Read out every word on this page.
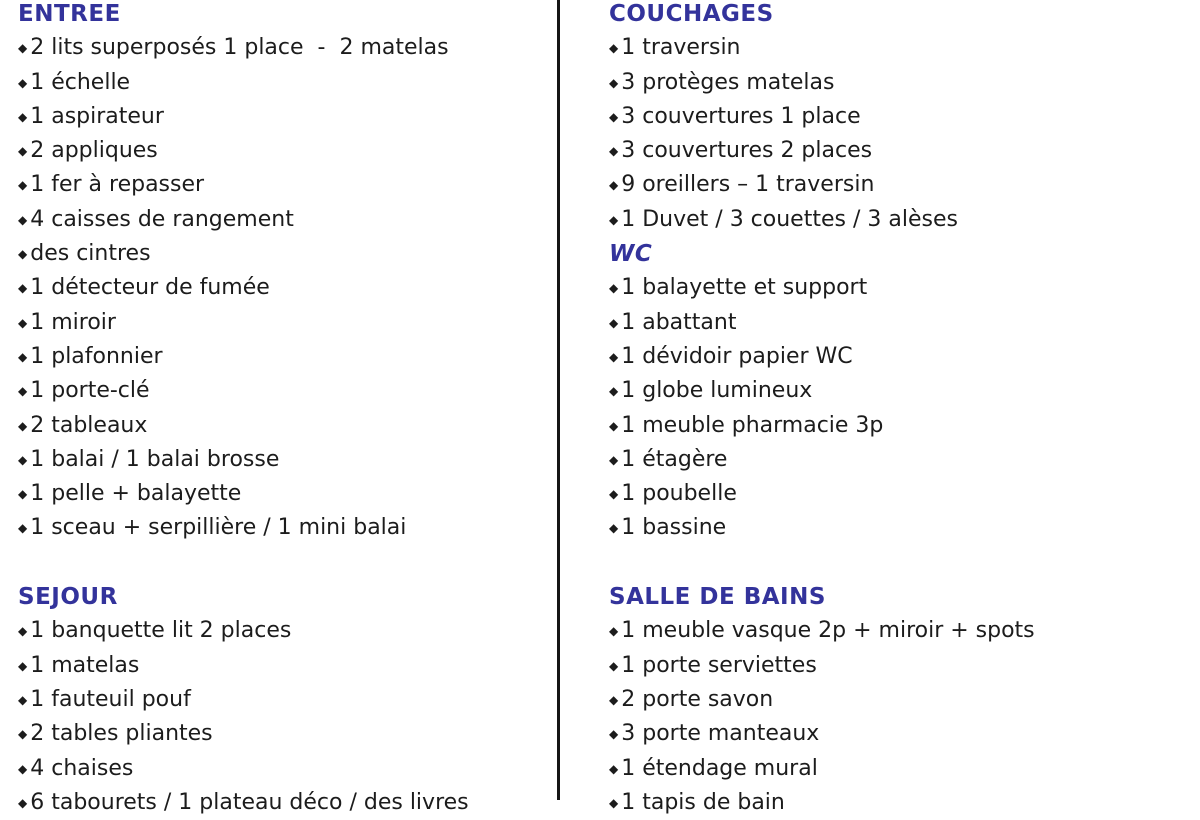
ENTREE
◆ 2 lits superposés 1 place  -  2 matelas
◆ 1 échelle
◆ 1 aspirateur
◆ 2 appliques
◆ 1 fer à repasser
◆ 4 caisses de rangement
◆ des cintres
◆ 1 détecteur de fumée
◆ 1 miroir
◆ 1 plafonnier
◆ 1 porte-clé
◆ 2 tableaux
◆ 1 balai / 1 balai brosse
◆ 1 pelle + balayette
◆ 1 sceau + serpillière / 1 mini balai
SEJOUR
◆ 1 banquette lit 2 places
◆ 1 matelas
◆ 1 fauteuil pouf
◆ 2 tables pliantes
◆ 4 chaises
◆ 6 tabourets / 1 plateau déco / des livres
COUCHAGES
◆ 1 traversin
◆ 3 protèges matelas
◆ 3 couvertures 1 place
◆ 3 couvertures 2 places
◆ 9 oreillers – 1 traversin
◆ 1 Duvet / 3 couettes / 3 alèses
WC
◆ 1 balayette et support
◆ 1 abattant
◆ 1 dévidoir papier WC
◆ 1 globe lumineux
◆ 1 meuble pharmacie 3p
◆ 1 étagère
◆ 1 poubelle
◆ 1 bassine
SALLE DE BAINS
◆ 1 meuble vasque 2p + miroir + spots
◆ 1 porte serviettes
◆ 2 porte savon
◆ 3 porte manteaux
◆ 1 étendage mural
◆ 1 tapis de bain
